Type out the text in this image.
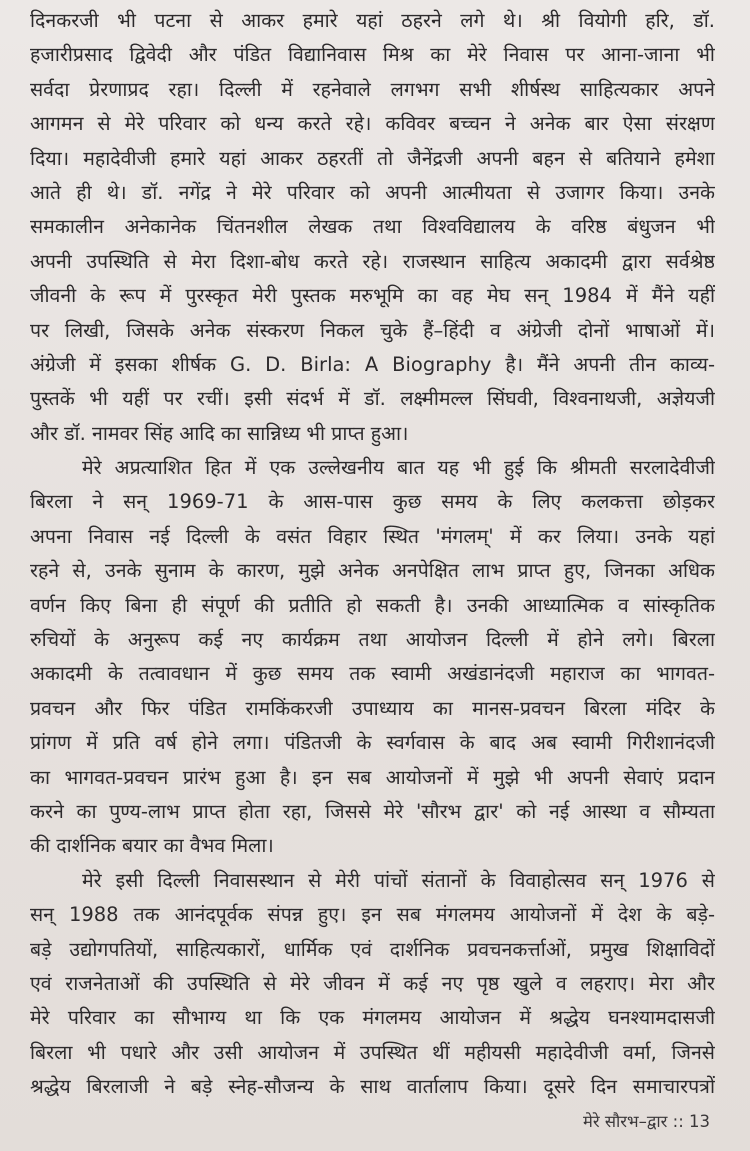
दिनकरजी भी पटना से आकर हमारे यहां ठहरने लगे थे। श्री वियोगी हरि, डॉ.
हजारीप्रसाद द्विवेदी और पंडित विद्यानिवास मिश्र का मेरे निवास पर आना-जाना भी
सर्वदा प्रेरणाप्रद रहा। दिल्ली में रहनेवाले लगभग सभी शीर्षस्थ साहित्यकार अपने
आगमन से मेरे परिवार को धन्य करते रहे। कविवर बच्चन ने अनेक बार ऐसा संरक्षण
दिया। महादेवीजी हमारे यहां आकर ठहरतीं तो जैनेंद्रजी अपनी बहन से बतियाने हमेशा
आते ही थे। डॉ. नगेंद्र ने मेरे परिवार को अपनी आत्मीयता से उजागर किया। उनके
समकालीन अनेकानेक चिंतनशील लेखक तथा विश्वविद्यालय के वरिष्ठ बंधुजन भी
अपनी उपस्थिति से मेरा दिशा-बोध करते रहे। राजस्थान साहित्य अकादमी द्वारा सर्वश्रेष्ठ
जीवनी के रूप में पुरस्कृत मेरी पुस्तक मरुभूमि का वह मेघ सन् 1984 में मैंने यहीं
पर लिखी, जिसके अनेक संस्करण निकल चुके हैं–हिंदी व अंग्रेजी दोनों भाषाओं में।
अंग्रेजी में इसका शीर्षक G. D. Birla: A Biography है। मैंने अपनी तीन काव्य-
पुस्तकें भी यहीं पर रचीं। इसी संदर्भ में डॉ. लक्ष्मीमल्ल सिंघवी, विश्वनाथजी, अज्ञेयजी
और डॉ. नामवर सिंह आदि का सान्निध्य भी प्राप्त हुआ।
मेरे अप्रत्याशित हित में एक उल्लेखनीय बात यह भी हुई कि श्रीमती सरलादेवीजी
बिरला ने सन् 1969-71 के आस-पास कुछ समय के लिए कलकत्ता छोड़कर
अपना निवास नई दिल्ली के वसंत विहार स्थित 'मंगलम्' में कर लिया। उनके यहां
रहने से, उनके सुनाम के कारण, मुझे अनेक अनपेक्षित लाभ प्राप्त हुए, जिनका अधिक
वर्णन किए बिना ही संपूर्ण की प्रतीति हो सकती है। उनकी आध्यात्मिक व सांस्कृतिक
रुचियों के अनुरूप कई नए कार्यक्रम तथा आयोजन दिल्ली में होने लगे। बिरला
अकादमी के तत्वावधान में कुछ समय तक स्वामी अखंडानंदजी महाराज का भागवत-
प्रवचन और फिर पंडित रामकिंकरजी उपाध्याय का मानस-प्रवचन बिरला मंदिर के
प्रांगण में प्रति वर्ष होने लगा। पंडितजी के स्वर्गवास के बाद अब स्वामी गिरीशानंदजी
का भागवत-प्रवचन प्रारंभ हुआ है। इन सब आयोजनों में मुझे भी अपनी सेवाएं प्रदान
करने का पुण्य-लाभ प्राप्त होता रहा, जिससे मेरे 'सौरभ द्वार' को नई आस्था व सौम्यता
की दार्शनिक बयार का वैभव मिला।
मेरे इसी दिल्ली निवासस्थान से मेरी पांचों संतानों के विवाहोत्सव सन् 1976 से
सन् 1988 तक आनंदपूर्वक संपन्न हुए। इन सब मंगलमय आयोजनों में देश के बड़े-
बड़े उद्योगपतियों, साहित्यकारों, धार्मिक एवं दार्शनिक प्रवचनकर्त्ताओं, प्रमुख शिक्षाविदों
एवं राजनेताओं की उपस्थिति से मेरे जीवन में कई नए पृष्ठ खुले व लहराए। मेरा और
मेरे परिवार का सौभाग्य था कि एक मंगलमय आयोजन में श्रद्धेय घनश्यामदासजी
बिरला भी पधारे और उसी आयोजन में उपस्थित थीं महीयसी महादेवीजी वर्मा, जिनसे
श्रद्धेय बिरलाजी ने बड़े स्नेह-सौजन्य के साथ वार्तालाप किया। दूसरे दिन समाचारपत्रों
मेरे सौरभ–द्वार :: 13
